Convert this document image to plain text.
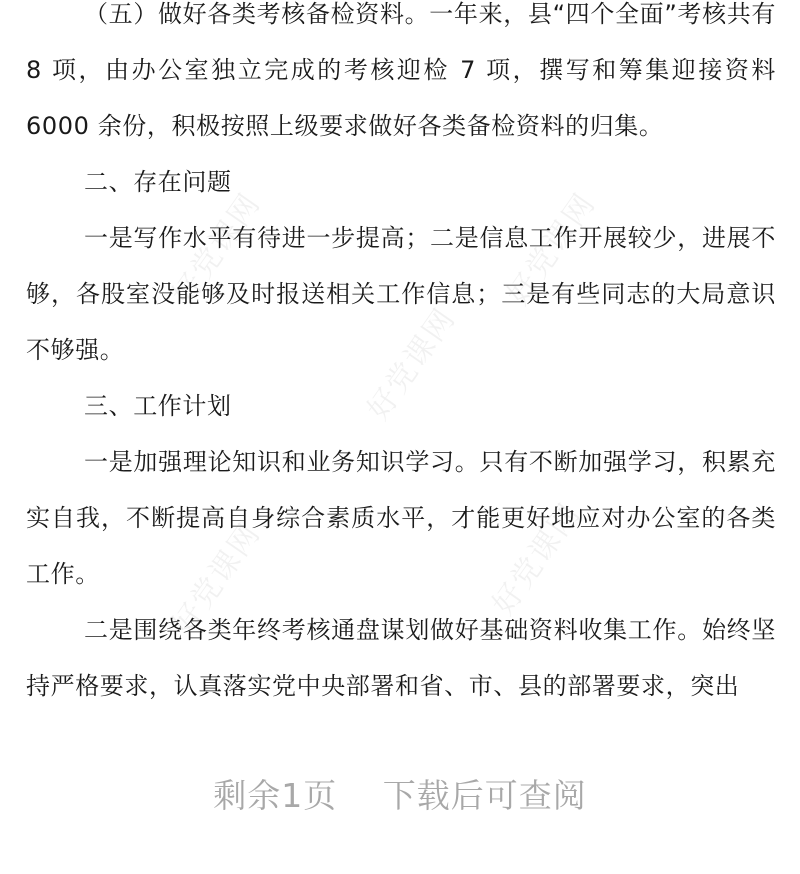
（五）做好各类考核备检资料。一年来，县“四个全面”考核共有 8 项，由办公室独立完成的考核迎检 7 项，撰写和筹集迎接资料 6000 余份，积极按照上级要求做好各类备检资料的归集。

二、存在问题

一是写作水平有待进一步提高；二是信息工作开展较少，进展不够，各股室没能够及时报送相关工作信息；三是有些同志的大局意识不够强。

三、工作计划

一是加强理论知识和业务知识学习。只有不断加强学习，积累充实自我，不断提高自身综合素质水平，才能更好地应对办公室的各类工作。

二是围绕各类年终考核通盘谋划做好基础资料收集工作。始终坚持严格要求，认真落实党中央部署和省、市、县的部署要求，突出

好党课网	好党课网
好党课网
好党课网	好党课网
剩余1页 下载后可查阅
